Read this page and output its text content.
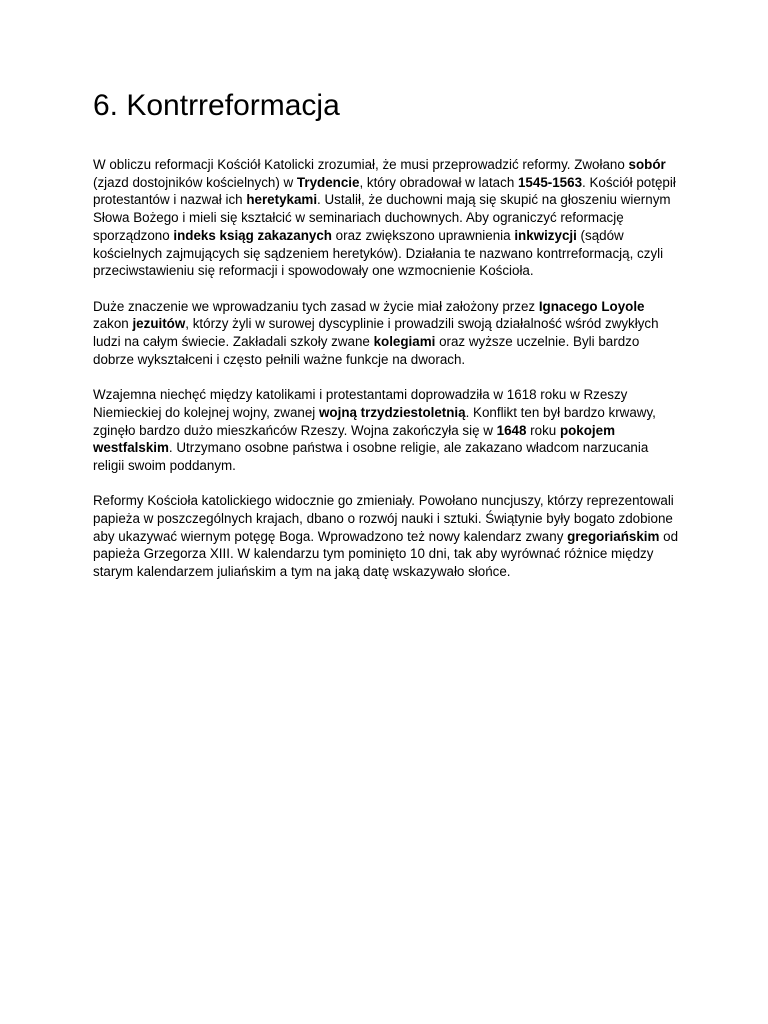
6. Kontrreformacja

W obliczu reformacji Kościół Katolicki zrozumiał, że musi przeprowadzić reformy. Zwołano sobór (zjazd dostojników kościelnych) w Trydencie, który obradował w latach 1545-1563. Kościół potępił protestantów i nazwał ich heretykami. Ustalił, że duchowni mają się skupić na głoszeniu wiernym Słowa Bożego i mieli się kształcić w seminariach duchownych. Aby ograniczyć reformację sporządzono indeks ksiąg zakazanych oraz zwiększono uprawnienia inkwizycji (sądów kościelnych zajmujących się sądzeniem heretyków). Działania te nazwano kontrreformacją, czyli przeciwstawieniu się reformacji i spowodowały one wzmocnienie Kościoła.

Duże znaczenie we wprowadzaniu tych zasad w życie miał założony przez Ignacego Loyole zakon jezuitów, którzy żyli w surowej dyscyplinie i prowadzili swoją działalność wśród zwykłych ludzi na całym świecie. Zakładali szkoły zwane kolegiami oraz wyższe uczelnie. Byli bardzo dobrze wykształceni i często pełnili ważne funkcje na dworach.

Wzajemna niechęć między katolikami i protestantami doprowadziła w 1618 roku w Rzeszy Niemieckiej do kolejnej wojny, zwanej wojną trzydziestoletnią. Konflikt ten był bardzo krwawy, zginęło bardzo dużo mieszkańców Rzeszy. Wojna zakończyła się w 1648 roku pokojem westfalskim. Utrzymano osobne państwa i osobne religie, ale zakazano władcom narzucania religii swoim poddanym.

Reformy Kościoła katolickiego widocznie go zmieniały. Powołano nuncjuszy, którzy reprezentowali papieża w poszczególnych krajach, dbano o rozwój nauki i sztuki. Świątynie były bogato zdobione aby ukazywać wiernym potęgę Boga. Wprowadzono też nowy kalendarz zwany gregoriańskim od papieża Grzegorza XIII. W kalendarzu tym pominięto 10 dni, tak aby wyrównać różnice między starym kalendarzem juliańskim a tym na jaką datę wskazywało słońce.
